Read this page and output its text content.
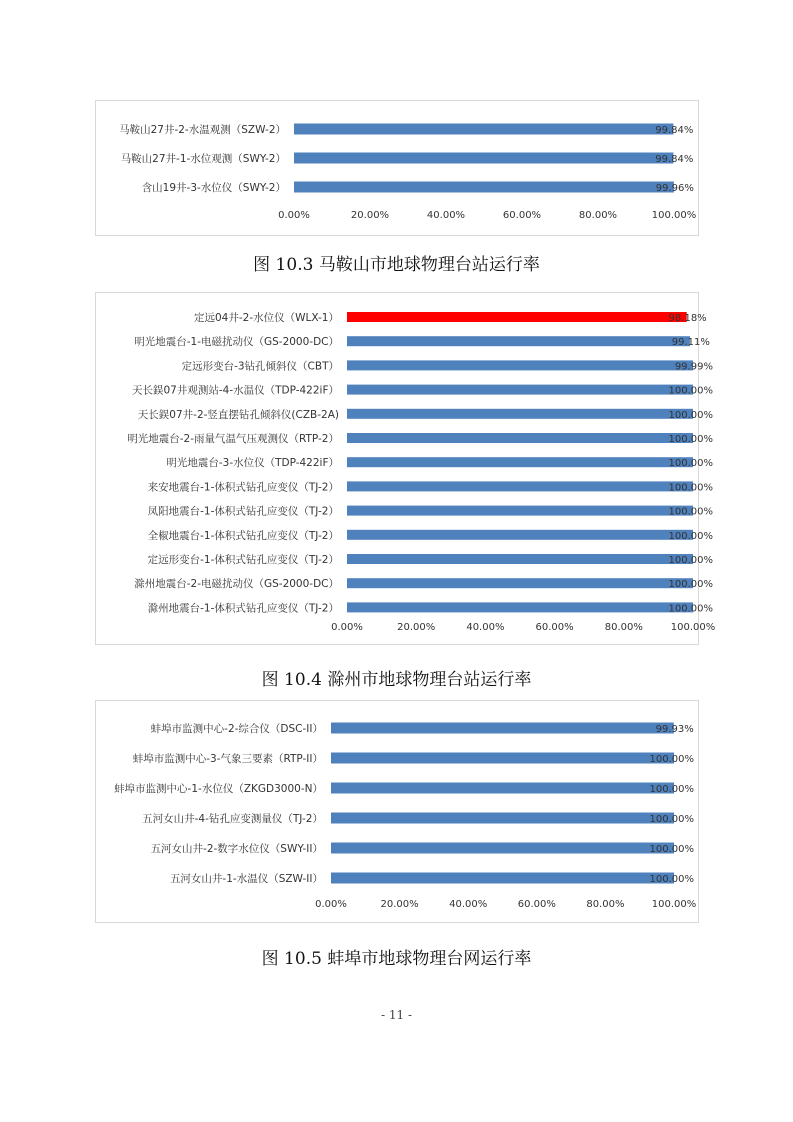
马鞍山27井-2-水温观测（SZW-2）	99.84%
马鞍山27井-1-水位观测（SWY-2）	99.84%
含山19井-3-水位仪（SWY-2）	99.96%
0.00%	20.00%	40.00%	60.00%	80.00%	100.00%
图 10.3 马鞍山市地球物理台站运行率
定远04井-2-水位仪（WLX-1）	98.18%
明光地震台-1-电磁扰动仪（GS-2000-DC）	99.11%
定远形变台-3钻孔倾斜仪（CBT）	99.99%
天长鋘07井观测站-4-水温仪（TDP-422iF）	100.00%
天长鋘07井-2-竖直摆钻孔倾斜仪(CZB-2A)	100.00%
明光地震台-2-雨量气温气压观测仪（RTP-2）	100.00%
明光地震台-3-水位仪（TDP-422iF）	100.00%
来安地震台-1-体积式钻孔应变仪（TJ-2）	100.00%
凤阳地震台-1-体积式钻孔应变仪（TJ-2）	100.00%
全椒地震台-1-体积式钻孔应变仪（TJ-2）	100.00%
定远形变台-1-体积式钻孔应变仪（TJ-2）	100.00%
滁州地震台-2-电磁扰动仪（GS-2000-DC）	100.00%
滁州地震台-1-体积式钻孔应变仪（TJ-2）	100.00%
0.00%	20.00%	40.00%	60.00%	80.00%	100.00%
图 10.4 滁州市地球物理台站运行率
蚌埠市监测中心-2-综合仪（DSC-II）	99.93%
蚌埠市监测中心-3-气象三要素（RTP-II）	100.00%
蚌埠市监测中心-1-水位仪（ZKGD3000-N）	100.00%
五河女山井-4-钻孔应变测量仪（TJ-2）	100.00%
五河女山井-2-数字水位仪（SWY-II）	100.00%
五河女山井-1-水温仪（SZW-II）	100.00%
0.00%	20.00%	40.00%	60.00%	80.00%	100.00%
图 10.5 蚌埠市地球物理台网运行率
- 11 -
